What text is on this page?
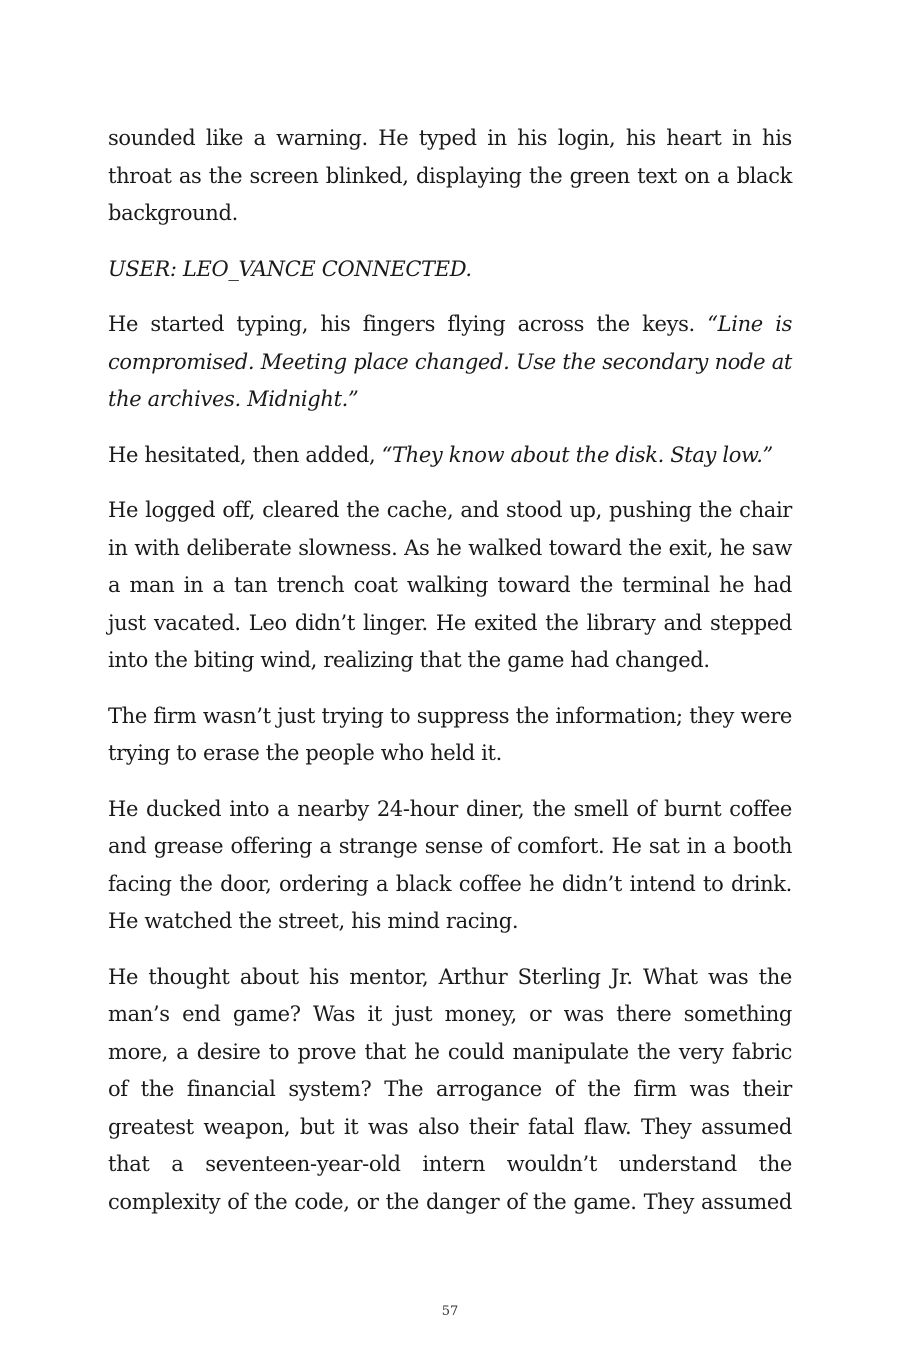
sounded like a warning. He typed in his login, his heart in his throat as the screen blinked, displaying the green text on a black background.

USER: LEO_VANCE CONNECTED.

He started typing, his fingers flying across the keys. “Line is compromised. Meeting place changed. Use the secondary node at the archives. Midnight.”

He hesitated, then added, “They know about the disk. Stay low.”

He logged off, cleared the cache, and stood up, pushing the chair in with deliberate slowness. As he walked toward the exit, he saw a man in a tan trench coat walking toward the terminal he had just vacated. Leo didn’t linger. He exited the library and stepped into the biting wind, realizing that the game had changed.

The firm wasn’t just trying to suppress the information; they were trying to erase the people who held it.

He ducked into a nearby 24-hour diner, the smell of burnt coffee and grease offering a strange sense of comfort. He sat in a booth facing the door, ordering a black coffee he didn’t intend to drink. He watched the street, his mind racing.

He thought about his mentor, Arthur Sterling Jr. What was the man’s end game? Was it just money, or was there something more, a desire to prove that he could manipulate the very fabric of the financial system? The arrogance of the firm was their greatest weapon, but it was also their fatal flaw. They assumed that a seventeen-year-old intern wouldn’t understand the complexity of the code, or the danger of the game. They assumed

57
